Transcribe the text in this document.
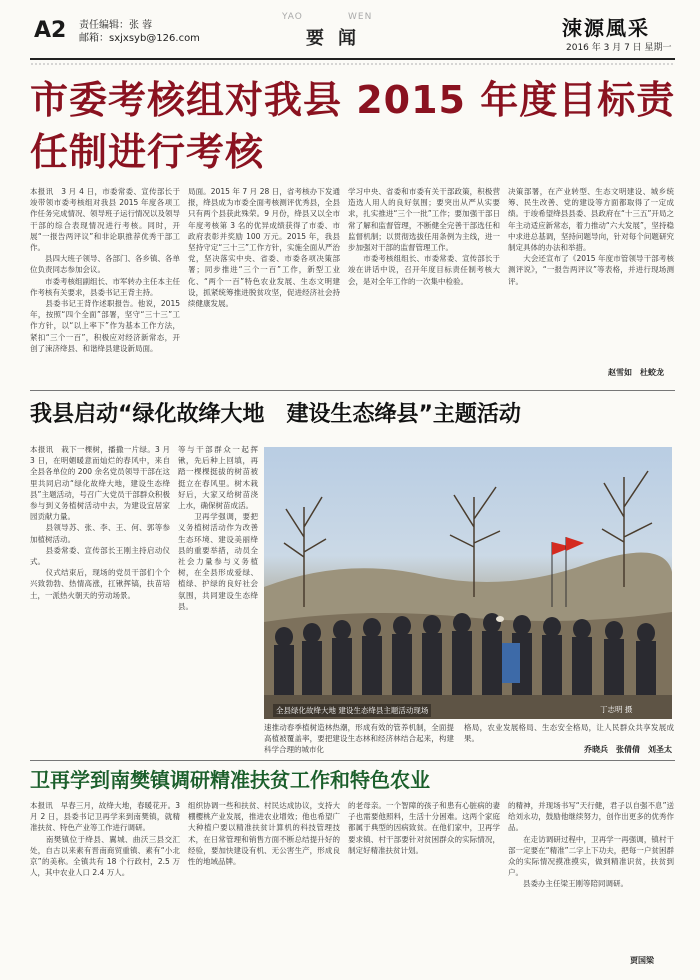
A2 责任编辑：张 蓉
邮箱：sxjxsyb@126.com
YAO	WEN
要闻	涑源風采
2016 年 3 月 7 日 星期一
市委考核组对我县 2015 年度目标责任制进行考核
本报讯　3 月 4 日，市委常委、宣传部长于竣带领市委考核组对我县 2015 年度各项工作任务完成情况、领导班子运行情况以及领导干部的综合表现情况进行考核。同时，开展“一报告两评议”和非论职推荐优秀干部工作。
　　县四大班子领导、各部门、各乡镇、各单位负责同志参加会议。
　　市委考核组副组长、市军转办主任本主任作考核有关要求，县委书记王背主持。
　　县委书记王背作述职报告。他说，2015 年，按照“四个全面”部署，坚守“三十三”工作方针，以“以上率下”作为基本工作方法，紧扣“三个一百”，积极应对经济新常态，开创了涑济绛县、和谐绛县建设新局面。
局面。2015 年 7 月 28 日，省考核办下发通报，绛县成为市委全面考核测评优秀县，全县只有两个县获此殊荣。9 月份，绛县又以全市年度考核第 3 名的优异成绩获得了市委、市政府表彰并奖励 100 万元。2015 年，我县坚持守定“三十三”工作方针，实施全面从严治党，坚决落实中央、省委、市委各项决策部署；同步推进“三个一百”工作，新型工业化、“两个一百”特色农业发展、生态文明建设，抓紧统筹推进脱贫攻坚，促进经济社会持续健康发展。
学习中央、省委和市委有关干部政策，积极营造选人用人的良好氛围；要突出从严从实要求，扎实推进“三个一批”工作；要加强干部日常了解和监督管理，不断健全完善干部选任和监督机制；以贯彻选拔任用条例为主线，进一步加强对干部的监督管理工作。
　　市委考核组组长、市委常委、宣传部长于竣在讲话中说，召开年度目标责任制考核大会，是对全年工作的一次集中检验。
决策部署，在产业转型、生态文明建设、城乡统筹、民生改善、党的建设等方面都取得了一定成绩。于竣希望绛县县委、县政府在“十三五”开局之年主动适应新常态，着力推动“六大发展”，坚持稳中求进总基调，坚持问题导向，针对每个问题研究制定具体的办法和举措。
　　大会还宣布了《2015 年度市管领导干部考核测评说》，“一报告两评议”等表格，并进行现场测评。
赵雪如　杜蛟龙
我县启动“绿化故绛大地　建设生态绛县”主题活动
本报讯　栽下一棵树，播撒一片绿。3 月 3 日，在明媚暖意而灿烂的春风中，来自全县各单位的 200 余名党员领导干部在这里共同启动“绿化故绛大地，建设生态绛县”主题活动，号召广大党员干部群众积极参与到义务植树活动中去，为建设宜居家园贡献力量。
　　县领导苏、张、李、王、何、郭等参加植树活动。
　　县委常委、宣传部长王刚主持启动仪式。
　　仪式结束后，现场的党员干部们个个兴致勃勃、热情高涨，扛锹挥镐，扶苗培土，一派热火朝天的劳动场景。
等与干部群众一起挥锹，先后种上回填，再踏一棵棵挺拔的树苗被挺立在春风里。树木栽好后，大家又给树苗浇上水，确保树苗成活。
　　卫再学强调，要把义务植树活动作为改善生态环境、建设美丽绛县的重要举措，动员全社会力量参与义务植树，在全县形成爱绿、植绿、护绿的良好社会氛围，共同建设生态绛县。
速推动春季植树造林热潮，形成有效的管养机制，全面提高植被覆盖率，要把建设生态林和经济林结合起来，构建科学合理的城市化
格局，农业发展格局、生态安全格局，让人民群众共享发展成果。
乔晓兵　张倩倩　刘圣太
全县绿化故绛大地 建设生态绛县主题活动现场	丁志明 摄
卫再学到南樊镇调研精准扶贫工作和特色农业
本报讯　早春三月，故绛大地，春暖花开。3 月 2 日，县委书记卫再学来到南樊镇，就精准扶贫、特色产业等工作进行调研。
　　南樊镇位于绛县、翼城、曲沃三县交汇处，自古以来素有晋南商贸重镇、素有“小北京”的美称。全镇共有 18 个行政村，2.5 万人，其中农业人口 2.4 万人。
组织协调一些和扶贫、村民达成协议，支持大棚樱桃产业发展，推进农业增效；他也希望广大种植户要以精准扶贫计算机的科技管理技术，在日常管理和销售方面不断总结提升好的经验，要加快建设有机、无公害生产，形成良性的地域品牌。
的老母亲。一个智障的孩子和患有心脏病的妻子也需要他照料，生活十分困难。这两个家庭都属于典型的因病致贫。在他们家中，卫再学要求镇、村干部要针对贫困群众的实际情况，制定好精准扶贫计划。
的精神，并现场书写“天行健，君子以自强不息”送给刘永功，鼓励他继续努力，创作出更多的优秀作品。
　　在走访调研过程中，卫再学一再强调，镇村干部一定要在“精准”二字上下功夫，把每一户贫困群众的实际情况摸准摸实，做到精准识贫，扶贫到户。
　　县委办主任梁王刚等陪同调研。
贾国梁
